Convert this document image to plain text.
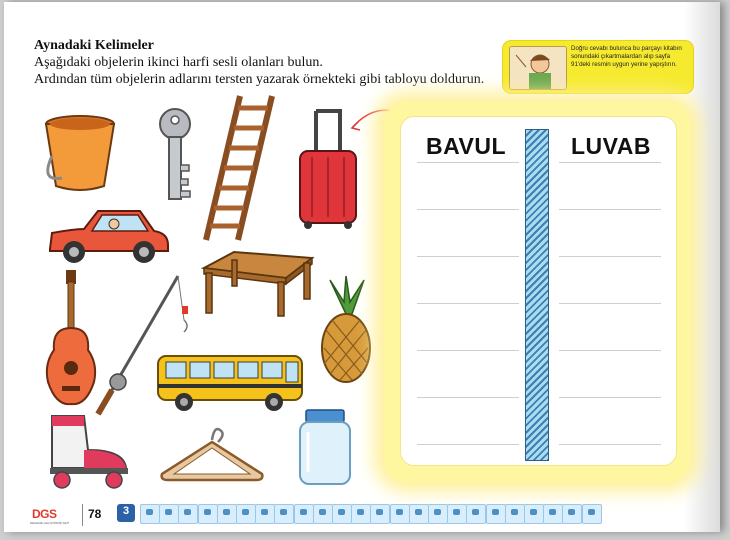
Aynadaki Kelimeler
Aşağıdaki objelerin ikinci harfi sesli olanları bulun.
Ardından tüm objelerin adlarını tersten yazarak örnekteki gibi tabloyu doldurun.
Doğru cevabı bulunca bu parçayı kitabın sonundaki çıkartmalardan alıp sayfa 91'deki resmin uygun yerine yapıştırın.
BAVUL	LUVAB
DGS
DENEME GELİŞTİRME SETİ
78	3
